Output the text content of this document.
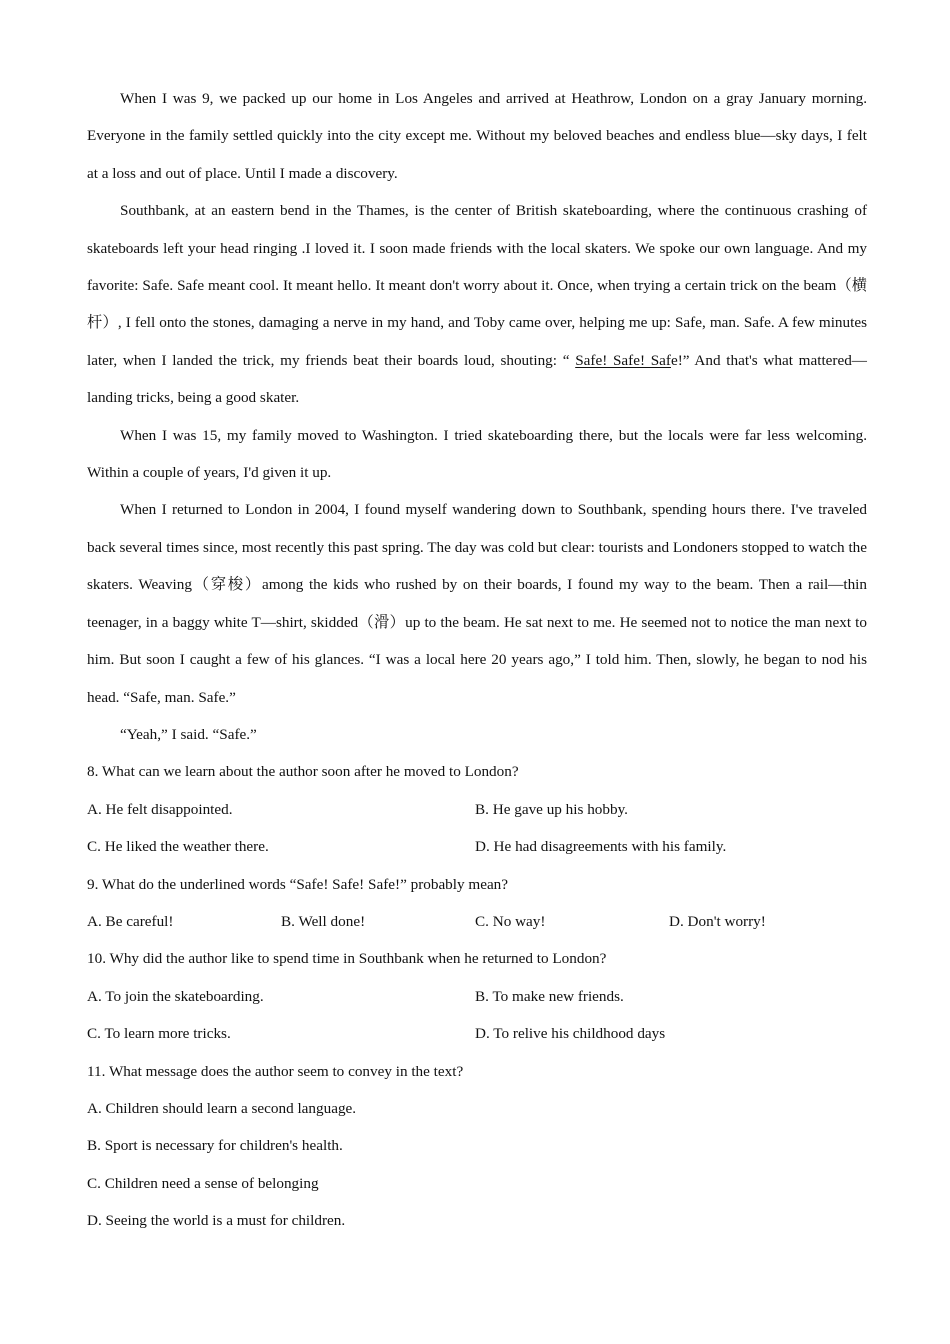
When I was 9, we packed up our home in Los Angeles and arrived at Heathrow, London on a gray January morning. Everyone in the family settled quickly into the city except me. Without my beloved beaches and endless blue—sky days, I felt at a loss and out of place. Until I made a discovery.

Southbank, at an eastern bend in the Thames, is the center of British skateboarding, where the continuous crashing of skateboards left your head ringing .I loved it. I soon made friends with the local skaters. We spoke our own language. And my favorite: Safe. Safe meant cool. It meant hello. It meant don't worry about it. Once, when trying a certain trick on the beam（横杆）, I fell onto the stones, damaging a nerve in my hand, and Toby came over, helping me up: Safe, man. Safe. A few minutes later, when I landed the trick, my friends beat their boards loud, shouting: “ Safe! Safe! Safe!” And that's what mattered—landing tricks, being a good skater.

When I was 15, my family moved to Washington. I tried skateboarding there, but the locals were far less welcoming. Within a couple of years, I'd given it up.

When I returned to London in 2004, I found myself wandering down to Southbank, spending hours there. I've traveled back several times since, most recently this past spring. The day was cold but clear: tourists and Londoners stopped to watch the skaters. Weaving（穿梭）among the kids who rushed by on their boards, I found my way to the beam. Then a rail—thin teenager, in a baggy white T—shirt, skidded（滑）up to the beam. He sat next to me. He seemed not to notice the man next to him. But soon I caught a few of his glances. “I was a local here 20 years ago,” I told him. Then, slowly, he began to nod his head. “Safe, man. Safe.”

“Yeah,” I said. “Safe.”

8. What can we learn about the author soon after he moved to London?

A. He felt disappointed.	B. He gave up his hobby.
C. He liked the weather there.	D. He had disagreements with his family.

9. What do the underlined words “Safe! Safe! Safe!” probably mean?

A. Be careful!	B. Well done!	C. No way!	D. Don't worry!

10. Why did the author like to spend time in Southbank when he returned to London?

A. To join the skateboarding.	B. To make new friends.
C. To learn more tricks.	D. To relive his childhood days

11. What message does the author seem to convey in the text?

A. Children should learn a second language.

B. Sport is necessary for children's health.

C. Children need a sense of belonging

D. Seeing the world is a must for children.
